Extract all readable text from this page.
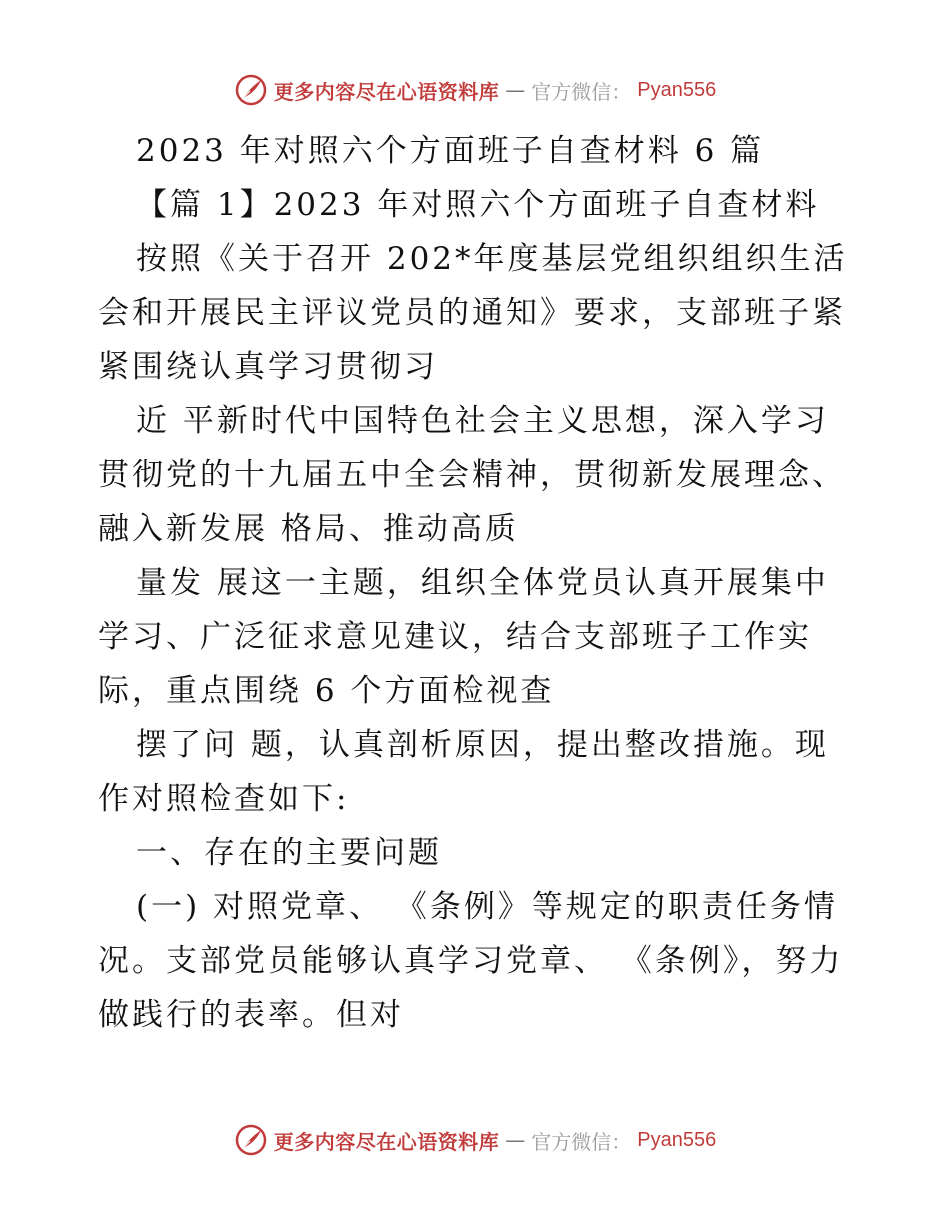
更多内容尽在心语资料库 — 官方微信： Pyan556
2023 年对照六个方面班子自查材料 6 篇
【篇 1】2023 年对照六个方面班子自查材料
按照《关于召开 202*年度基层党组织组织生活
会和开展民主评议党员的通知》要求，支部班子紧
紧围绕认真学习贯彻习
近 平新时代中国特色社会主义思想，深入学习
贯彻党的十九届五中全会精神，贯彻新发展理念、
融入新发展 格局、推动高质
量发 展这一主题，组织全体党员认真开展集中
学习、广泛征求意见建议，结合支部班子工作实
际，重点围绕 6 个方面检视查
摆了问 题，认真剖析原因，提出整改措施。现
作对照检查如下:
一、存在的主要问题
(一) 对照党章、 《条例》等规定的职责任务情
况。支部党员能够认真学习党章、 《条例》，努力
做践行的表率。但对
更多内容尽在心语资料库 — 官方微信： Pyan556
